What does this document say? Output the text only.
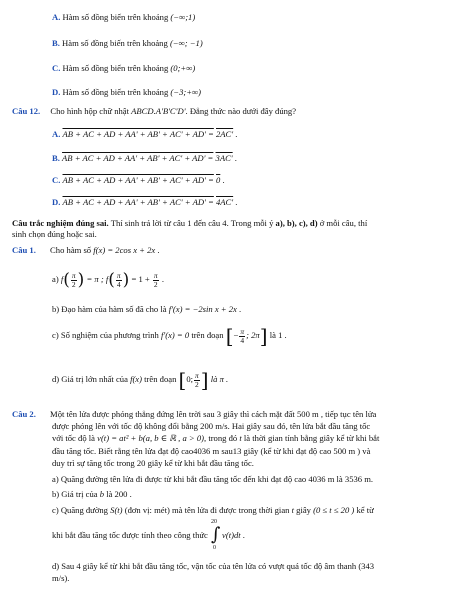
A. Hàm số đồng biến trên khoảng (−∞;1)
B. Hàm số đồng biến trên khoảng (−∞; −1)
C. Hàm số đồng biến trên khoảng (0;+∞)
D. Hàm số đồng biến trên khoảng (−3;+∞)
Câu 12. Cho hình hộp chữ nhật ABCD.A'B'C'D'. Đẳng thức nào dưới đây đúng?
A. AB + AC + AD + AA' + AB' + AC' + AD' = 2AC' .
B. AB + AC + AD + AA' + AB' + AC' + AD' = 3AC' .
C. AB + AC + AD + AA' + AB' + AC' + AD' = 0 .
D. AB + AC + AD + AA' + AB' + AC' + AD' = 4AC' .
Câu trắc nghiệm đúng sai. Thí sinh trả lời từ câu 1 đến câu 4. Trong mỗi ý a), b), c), d) ở mỗi câu, thí
sinh chọn đúng hoặc sai.
Câu 1. Cho hàm số f(x) = 2cos x + 2x .
a) $f( \frac{\pi}{2}$ ) = π ; $f( \frac{\pi}{4}$ ) = $1 + \frac{\pi}{2}$ .
b) Đạo hàm của hàm số đã cho là f'(x) = −2sin x + 2x .
c) Số nghiệm của phương trình f'(x) = 0 trên đoạn [− $\frac{\pi}{4}$ ; 2π] là 1 .
d) Giá trị lớn nhất của f(x) trên đoạn [0; $\frac{\pi}{2}$ ] là π .
Câu 2. Một tên lửa được phóng thẳng đứng lên trời sau 3 giây thì cách mặt đất 500 m , tiếp tục tên lửa
được phóng lên với tốc độ không đổi bằng 200 m/s. Hai giây sau đó, tên lửa bắt đầu tăng tốc
với tốc độ là v(t) = at² + b(a, b ∈ ℝ , a > 0), trong đó t là thời gian tính bằng giây kể từ khi bắt
đầu tăng tốc. Biết rằng tên lửa đạt độ cao4036 m sau13 giây (kể từ khi đạt độ cao 500 m ) và
duy trì sự tăng tốc trong 20 giây kể từ khi bắt đầu tăng tốc.
a) Quãng đường tên lửa đi được từ khi bắt đầu tăng tốc đến khi đạt độ cao 4036 m là 3536 m.
b) Giá trị của b là 200 .
c) Quãng đường S(t) (đơn vị: mét) mà tên lửa đi được trong thời gian t giây (0 ≤ t ≤ 20 ) kể từ
khi bắt đầu tăng tốc được tính theo công thức
20
∫
0
v(t)dt .
d) Sau 4 giây kể từ khi bắt đầu tăng tốc, vận tốc của tên lửa có vượt quá tốc độ âm thanh (343
m/s).
